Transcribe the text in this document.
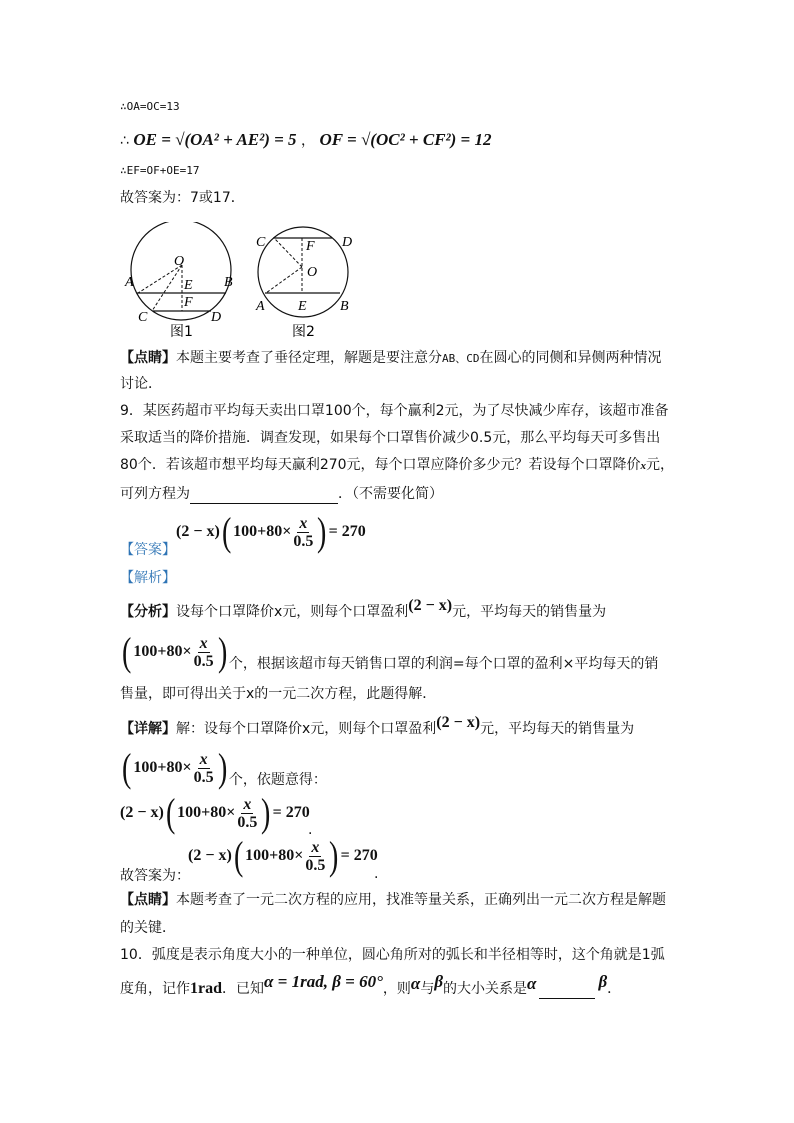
∴OA=OC=13
∴ OE = √(OA² + AE²) = 5 ， OF = √(OC² + CF²) = 12
∴EF=OF+OE=17
故答案为：7或17．
O
A	B
E
F
C	D
图1
C	D
F
O
A E B
图2
【点睛】本题主要考查了垂径定理，解题是要注意分AB、CD在圆心的同侧和异侧两种情况
讨论．
9．某医药超市平均每天卖出口罩100个，每个赢利2元，为了尽快减少库存，该超市准备
采取适当的降价措施．调查发现，如果每个口罩售价减少0.5元，那么平均每天可多售出
80个．若该超市想平均每天赢利270元，每个口罩应降价多少元？若设每个口罩降价x元，
可列方程为	．（不需要化简）
(2 − x) ( $100+80\times \frac{x}{0.5}$ ) = 270
【答案】
【解析】
【分析】设每个口罩降价x元，则每个口罩盈利(2 − x)元，平均每天的销售量为
( $100+80\times \frac{x}{0.5}$ ) 个，根据该超市每天销售口罩的利润=每个口罩的盈利×平均每天的销
售量，即可得出关于x的一元二次方程，此题得解．
【详解】解：设每个口罩降价x元，则每个口罩盈利(2 − x)元，平均每天的销售量为
( $100+80\times \frac{x}{0.5}$ ) 个，依题意得：
(2 − x) ( $100+80\times \frac{x}{0.5}$ ) = 270
.
故答案为：
(2 − x) ( $100+80\times \frac{x}{0.5}$ ) = 270
.
【点睛】本题考查了一元二次方程的应用，找准等量关系，正确列出一元二次方程是解题
的关键．
10．弧度是表示角度大小的一种单位，圆心角所对的弧长和半径相等时，这个角就是1弧
度角，记作1rad．已知α = 1rad, β = 60°，则α与β的大小关系是α	β．
